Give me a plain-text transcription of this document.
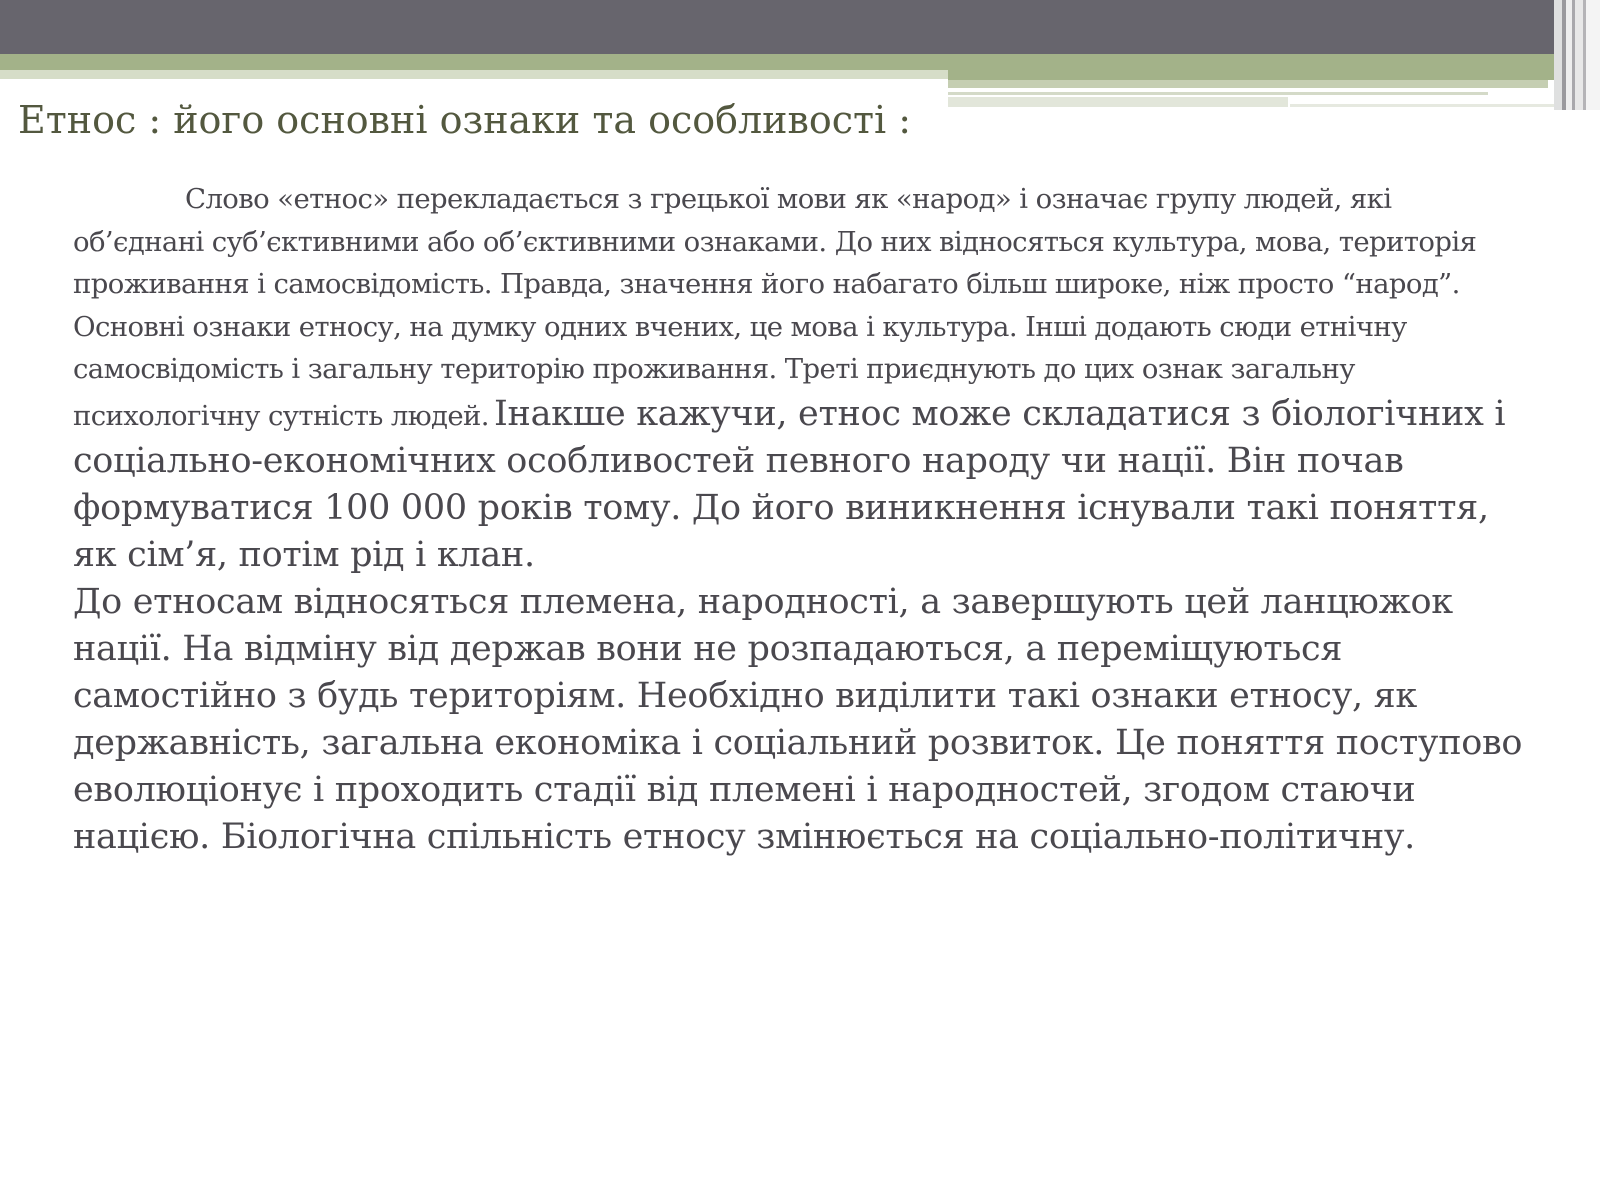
Етнос : його основні ознаки та особливості :

Слово «етнос» перекладається з грецької мови як «народ» і означає групу людей, які об’єднані суб’єктивними або об’єктивними ознаками. До них відносяться культура, мова, територія проживання і самосвідомість. Правда, значення його набагато більш широке, ніж просто “народ”.

Основні ознаки етносу, на думку одних вчених, це мова і культура. Інші додають сюди етнічну самосвідомість і загальну територію проживання. Треті приєднують до цих ознак загальну психологічну сутність людей. Інакше кажучи, етнос може складатися з біологічних і соціально-економічних особливостей певного народу чи нації. Він почав формуватися 100 000 років тому. До його виникнення існували такі поняття, як сім’я, потім рід і клан.

До етносам відносяться племена, народності, а завершують цей ланцюжок нації. На відміну від держав вони не розпадаються, а переміщуються самостійно з будь територіям. Необхідно виділити такі ознаки етносу, як державність, загальна економіка і соціальний розвиток. Це поняття поступово еволюціонує і проходить стадії від племені і народностей, згодом стаючи нацією. Біологічна спільність етносу змінюється на соціально-політичну.
